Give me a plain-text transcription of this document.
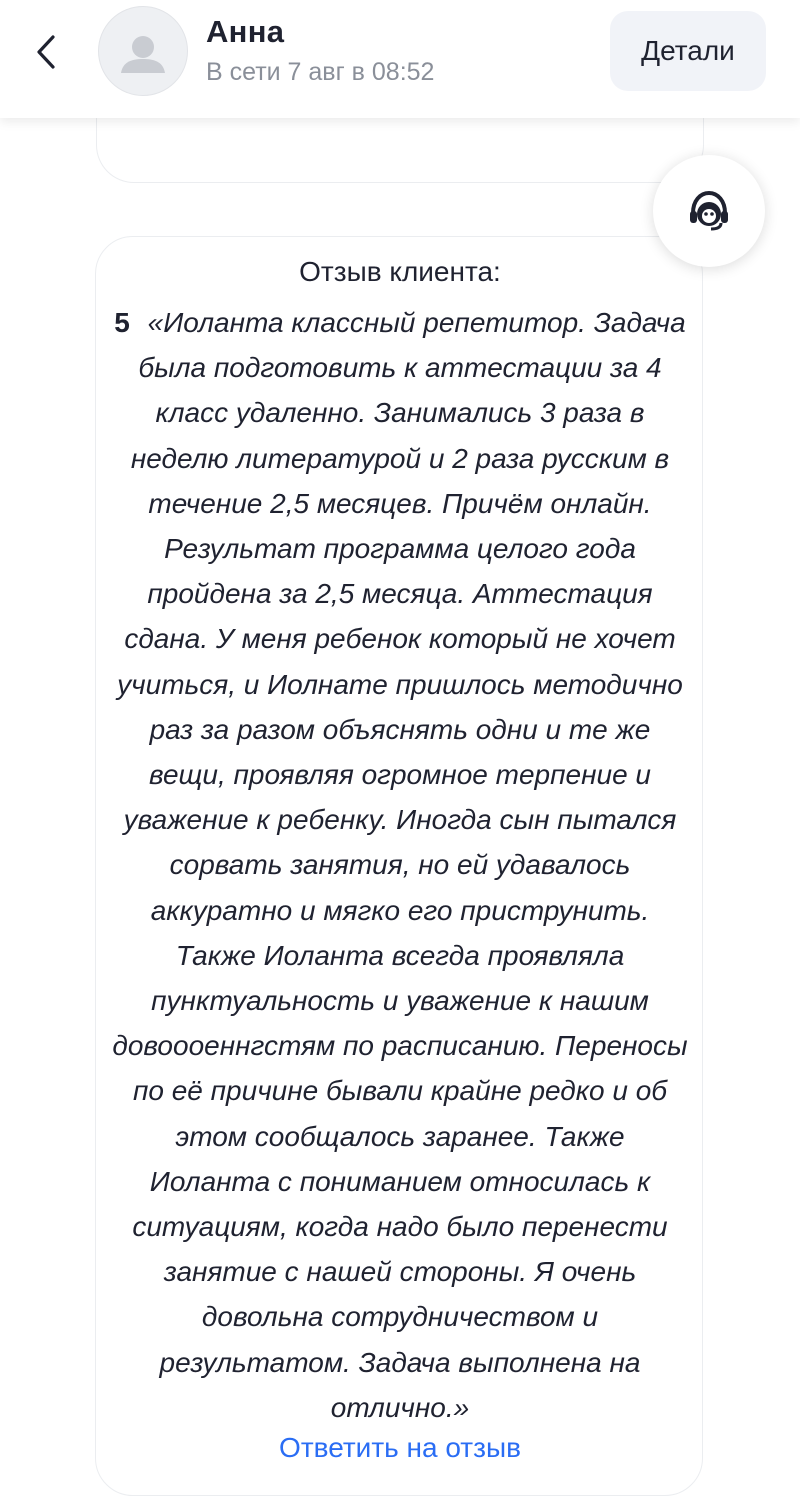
Анна
В сети 7 авг в 08:52
Детали
Отзыв клиента:
5 «Иоланта классный репетитор. Задача была подготовить к аттестации за 4 класс удаленно. Занимались 3 раза в неделю литературой и 2 раза русским в течение 2,5 месяцев. Причём онлайн. Результат программа целого года пройдена за 2,5 месяца. Аттестация сдана. У меня ребенок который не хочет учиться, и Иолнате пришлось методично раз за разом объяснять одни и те же вещи, проявляя огромное терпение и уважение к ребенку. Иногда сын пытался сорвать занятия, но ей удавалось аккуратно и мягко его приструнить. Также Иоланта всегда проявляла пунктуальность и уважение к нашим довоооеннгстям по расписанию. Переносы по её причине бывали крайне редко и об этом сообщалось заранее. Также Иоланта с пониманием относилась к ситуациям, когда надо было перенести занятие с нашей стороны. Я очень довольна сотрудничеством и результатом. Задача выполнена на отлично.»
Ответить на отзыв
